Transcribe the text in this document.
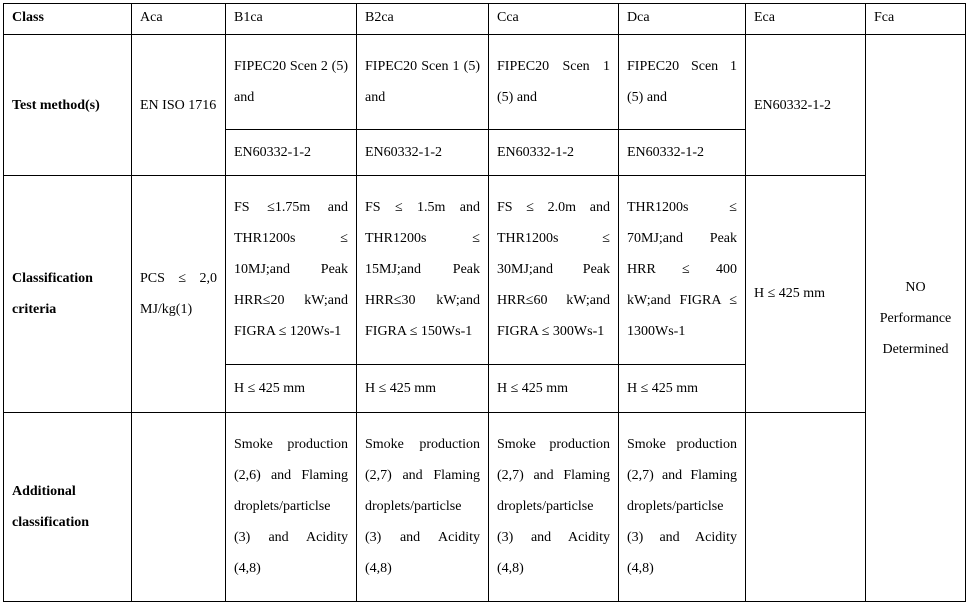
Class	Aca	B1ca	B2ca	Cca	Dca	Eca	Fca
Test method(s)	EN ISO 1716	FIPEC20 Scen 2 (5) and	FIPEC20 Scen 1 (5) and	FIPEC20 Scen 1 (5) and	FIPEC20 Scen 1 (5) and	EN60332-1-2	NO Performance Determined
		EN60332-1-2	EN60332-1-2	EN60332-1-2	EN60332-1-2		
Classification criteria	PCS ≤ 2,0 MJ/kg(1)	FS ≤1.75m and THR1200s ≤ 10MJ;and Peak HRR≤20 kW;and FIGRA ≤ 120Ws-1	FS ≤ 1.5m and THR1200s ≤ 15MJ;and Peak HRR≤30 kW;and FIGRA ≤ 150Ws-1	FS ≤ 2.0m and THR1200s ≤ 30MJ;and Peak HRR≤60 kW;and FIGRA ≤ 300Ws-1	THR1200s ≤ 70MJ;and Peak HRR ≤ 400 kW;and FIGRA ≤ 1300Ws-1	H ≤ 425 mm	
		H ≤ 425 mm	H ≤ 425 mm	H ≤ 425 mm	H ≤ 425 mm		
Additional classification		Smoke production (2,6) and Flaming droplets/particlse (3) and Acidity (4,8)	Smoke production (2,7) and Flaming droplets/particlse (3) and Acidity (4,8)	Smoke production (2,7) and Flaming droplets/particlse (3) and Acidity (4,8)	Smoke production (2,7) and Flaming droplets/particlse (3) and Acidity (4,8)		
